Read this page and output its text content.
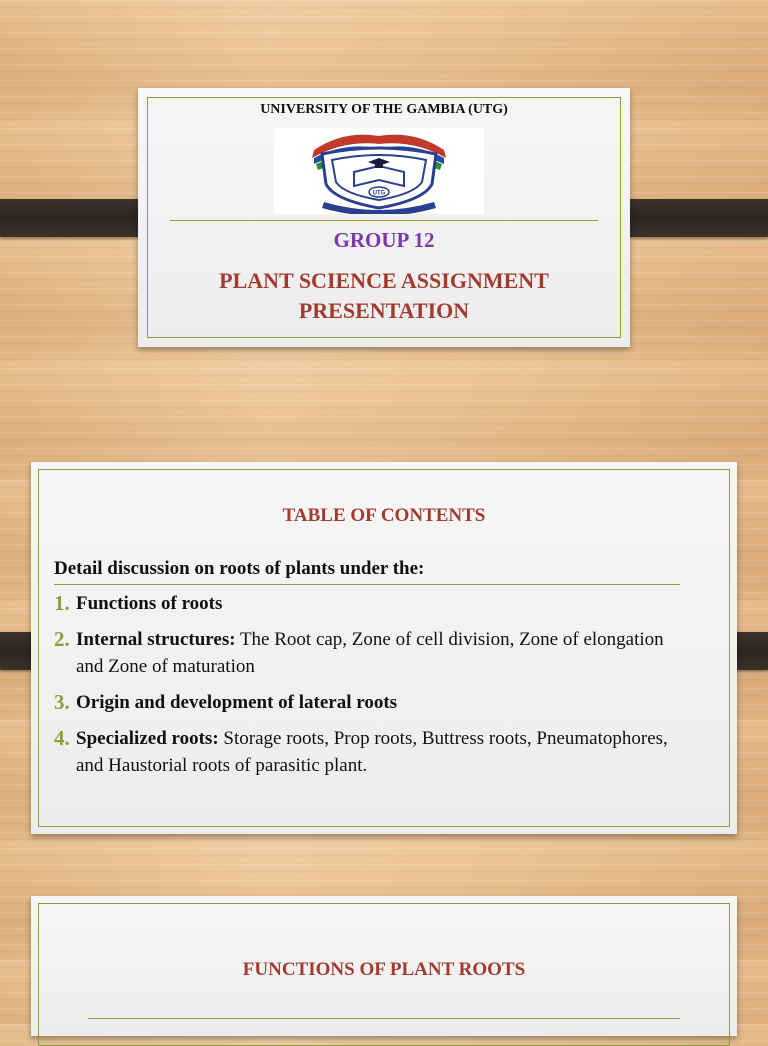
UNIVERSITY OF THE GAMBIA (UTG)
UTG
GROUP 12
PLANT SCIENCE ASSIGNMENT
PRESENTATION
TABLE OF CONTENTS
Detail discussion on roots of plants under the:
1. Functions of roots
2. Internal structures: The Root cap, Zone of cell division, Zone of elongation and Zone of maturation
3. Origin and development of lateral roots
4. Specialized roots: Storage roots, Prop roots, Buttress roots, Pneumatophores, and Haustorial roots of parasitic plant.
FUNCTIONS OF PLANT ROOTS
